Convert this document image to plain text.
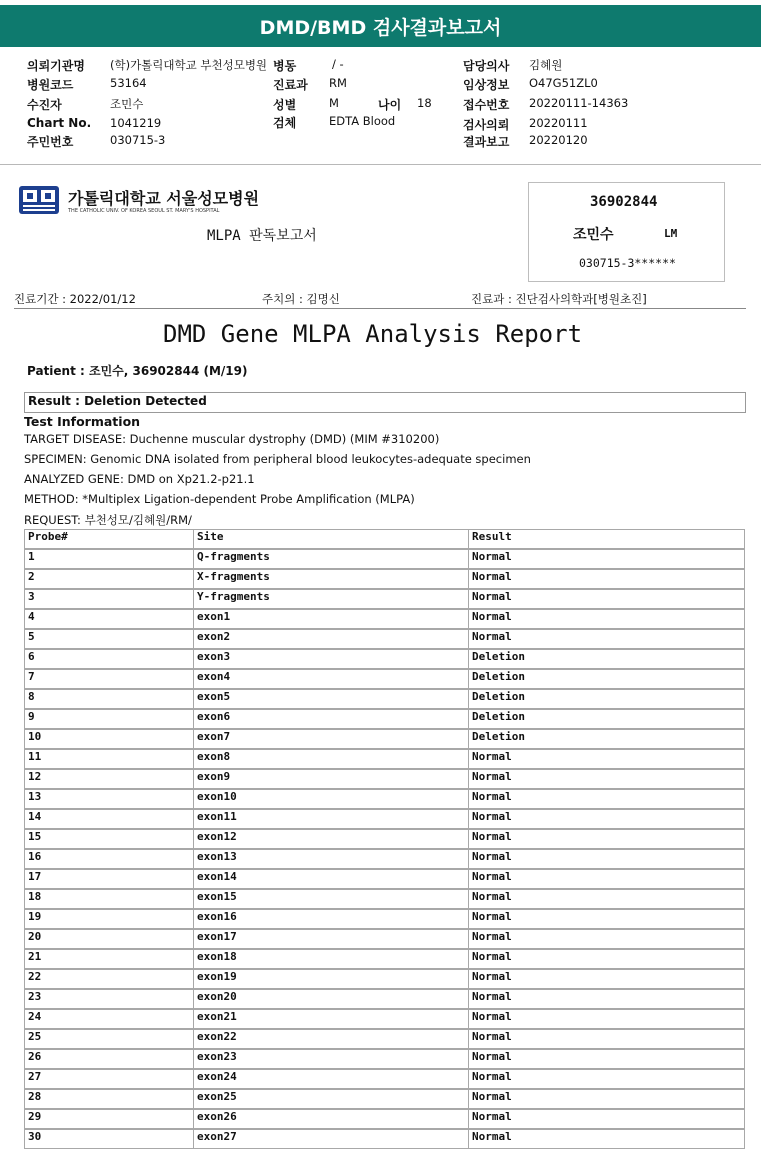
DMD/BMD 검사결과보고서
의뢰기관명 (학)가톨릭대학교 부천성모병원
병원코드	53164
수진자	조민수
Chart No. 1041219
주민번호	030715-3
병동	/ -
진료과 RM
성별	M	나이 18
검체	EDTA Blood
담당의사 김혜원
임상정보 O47G51ZL0
접수번호 20220111-14363
검사의뢰 20220111
결과보고 20220120
가톨릭대학교 서울성모병원
THE CATHOLIC UNIV. OF KOREA SEOUL ST. MARY'S HOSPITAL
MLPA 판독보고서
36902844
조민수	LM
030715-3******
진료기간 : 2022/01/12	주치의 : 김명신	진료과 : 진단검사의학과[병원초진]
DMD Gene MLPA Analysis Report
Patient : 조민수, 36902844 (M/19)
Result : Deletion Detected
Test Information
TARGET DISEASE: Duchenne muscular dystrophy (DMD) (MIM #310200)
SPECIMEN: Genomic DNA isolated from peripheral blood leukocytes-adequate specimen
ANALYZED GENE: DMD on Xp21.2-p21.1
METHOD: *Multiplex Ligation-dependent Probe Amplification (MLPA)
REQUEST: 부천성모/김혜원/RM/
Probe#	Site	Result
1	Q-fragments	Normal
2	X-fragments	Normal
3	Y-fragments	Normal
4	exon1	Normal
5	exon2	Normal
6	exon3	Deletion
7	exon4	Deletion
8	exon5	Deletion
9	exon6	Deletion
10	exon7	Deletion
11	exon8	Normal
12	exon9	Normal
13	exon10	Normal
14	exon11	Normal
15	exon12	Normal
16	exon13	Normal
17	exon14	Normal
18	exon15	Normal
19	exon16	Normal
20	exon17	Normal
21	exon18	Normal
22	exon19	Normal
23	exon20	Normal
24	exon21	Normal
25	exon22	Normal
26	exon23	Normal
27	exon24	Normal
28	exon25	Normal
29	exon26	Normal
30	exon27	Normal
